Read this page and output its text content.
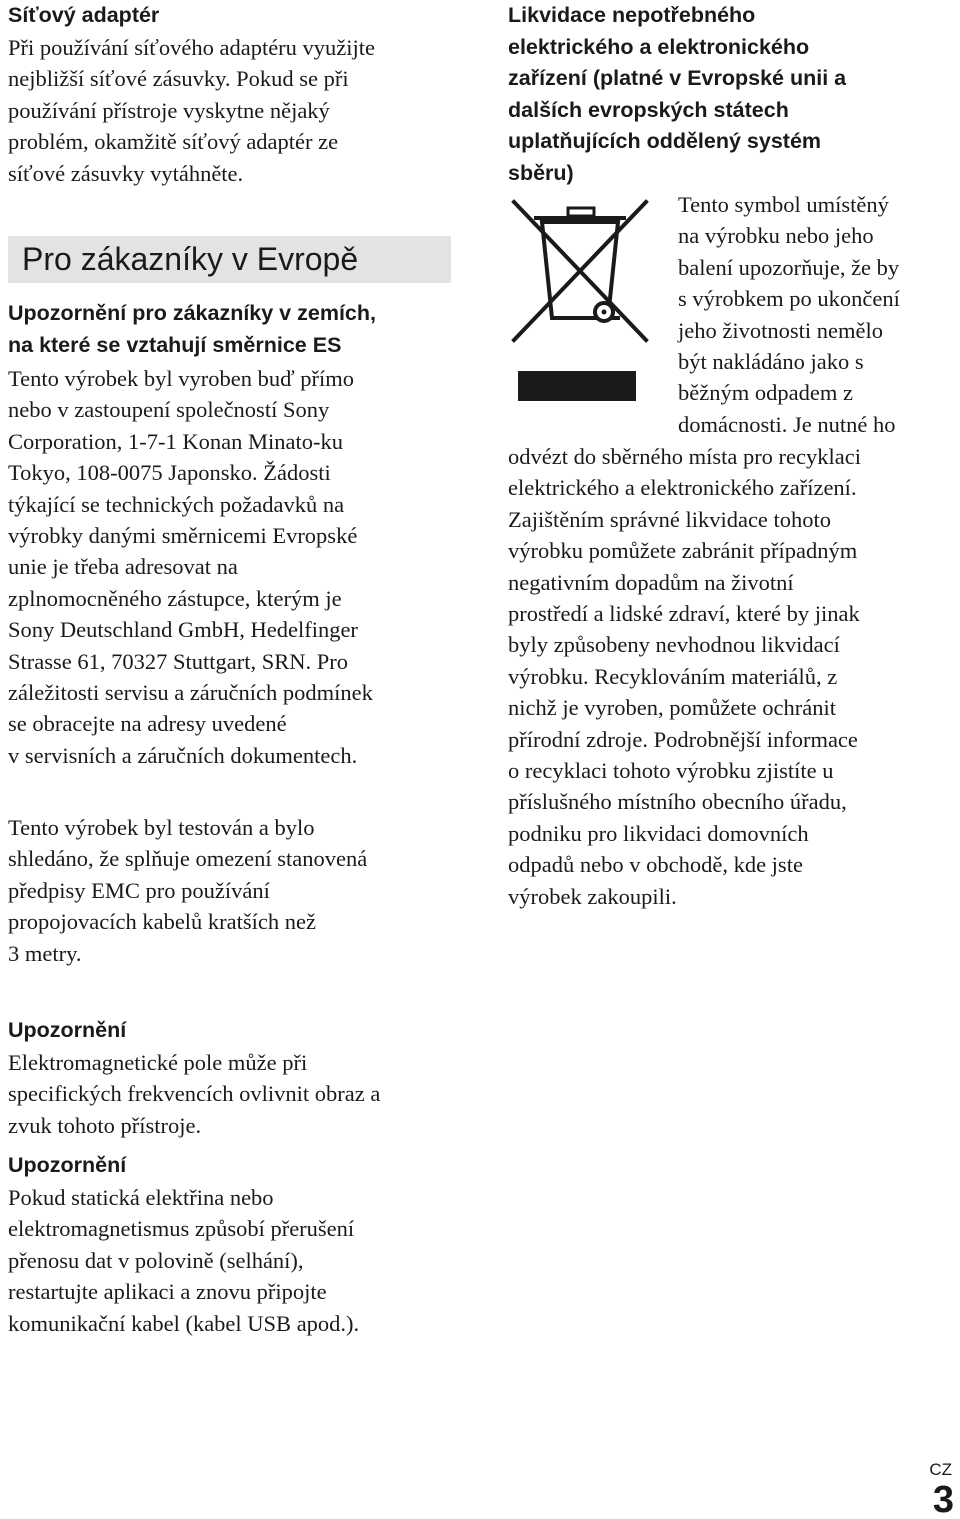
Síťový adaptér
Při používání síťového adaptéru využijte
nejbližší síťové zásuvky. Pokud se při
používání přístroje vyskytne nějaký
problém, okamžitě síťový adaptér ze
síťové zásuvky vytáhněte.
Pro zákazníky v Evropě
Upozornění pro zákazníky v zemích,
na které se vztahují směrnice ES
Tento výrobek byl vyroben buď přímo
nebo v zastoupení společností Sony
Corporation, 1-7-1 Konan Minato-ku
Tokyo, 108-0075 Japonsko. Žádosti
týkající se technických požadavků na
výrobky danými směrnicemi Evropské
unie je třeba adresovat na
zplnomocněného zástupce, kterým je
Sony Deutschland GmbH, Hedelfinger
Strasse 61, 70327 Stuttgart, SRN. Pro
záležitosti servisu a záručních podmínek
se obracejte na adresy uvedené
v servisních a záručních dokumentech.
Tento výrobek byl testován a bylo
shledáno, že splňuje omezení stanovená
předpisy EMC pro používání
propojovacích kabelů kratších než
3 metry.
Upozornění
Elektromagnetické pole může při
specifických frekvencích ovlivnit obraz a
zvuk tohoto přístroje.
Upozornění
Pokud statická elektřina nebo
elektromagnetismus způsobí přerušení
přenosu dat v polovině (selhání),
restartujte aplikaci a znovu připojte
komunikační kabel (kabel USB apod.).
Likvidace nepotřebného
elektrického a elektronického
zařízení (platné v Evropské unii a
dalších evropských státech
uplatňujících oddělený systém
sběru)
Tento symbol umístěný
na výrobku nebo jeho
balení upozorňuje, že by
s výrobkem po ukončení
jeho životnosti nemělo
být nakládáno jako s
běžným odpadem z
domácnosti. Je nutné ho
odvézt do sběrného místa pro recyklaci
elektrického a elektronického zařízení.
Zajištěním správné likvidace tohoto
výrobku pomůžete zabránit případným
negativním dopadům na životní
prostředí a lidské zdraví, které by jinak
byly způsobeny nevhodnou likvidací
výrobku. Recyklováním materiálů, z
nichž je vyroben, pomůžete ochránit
přírodní zdroje. Podrobnější informace
o recyklaci tohoto výrobku zjistíte u
příslušného místního obecního úřadu,
podniku pro likvidaci domovních
odpadů nebo v obchodě, kde jste
výrobek zakoupili.
CZ
3
